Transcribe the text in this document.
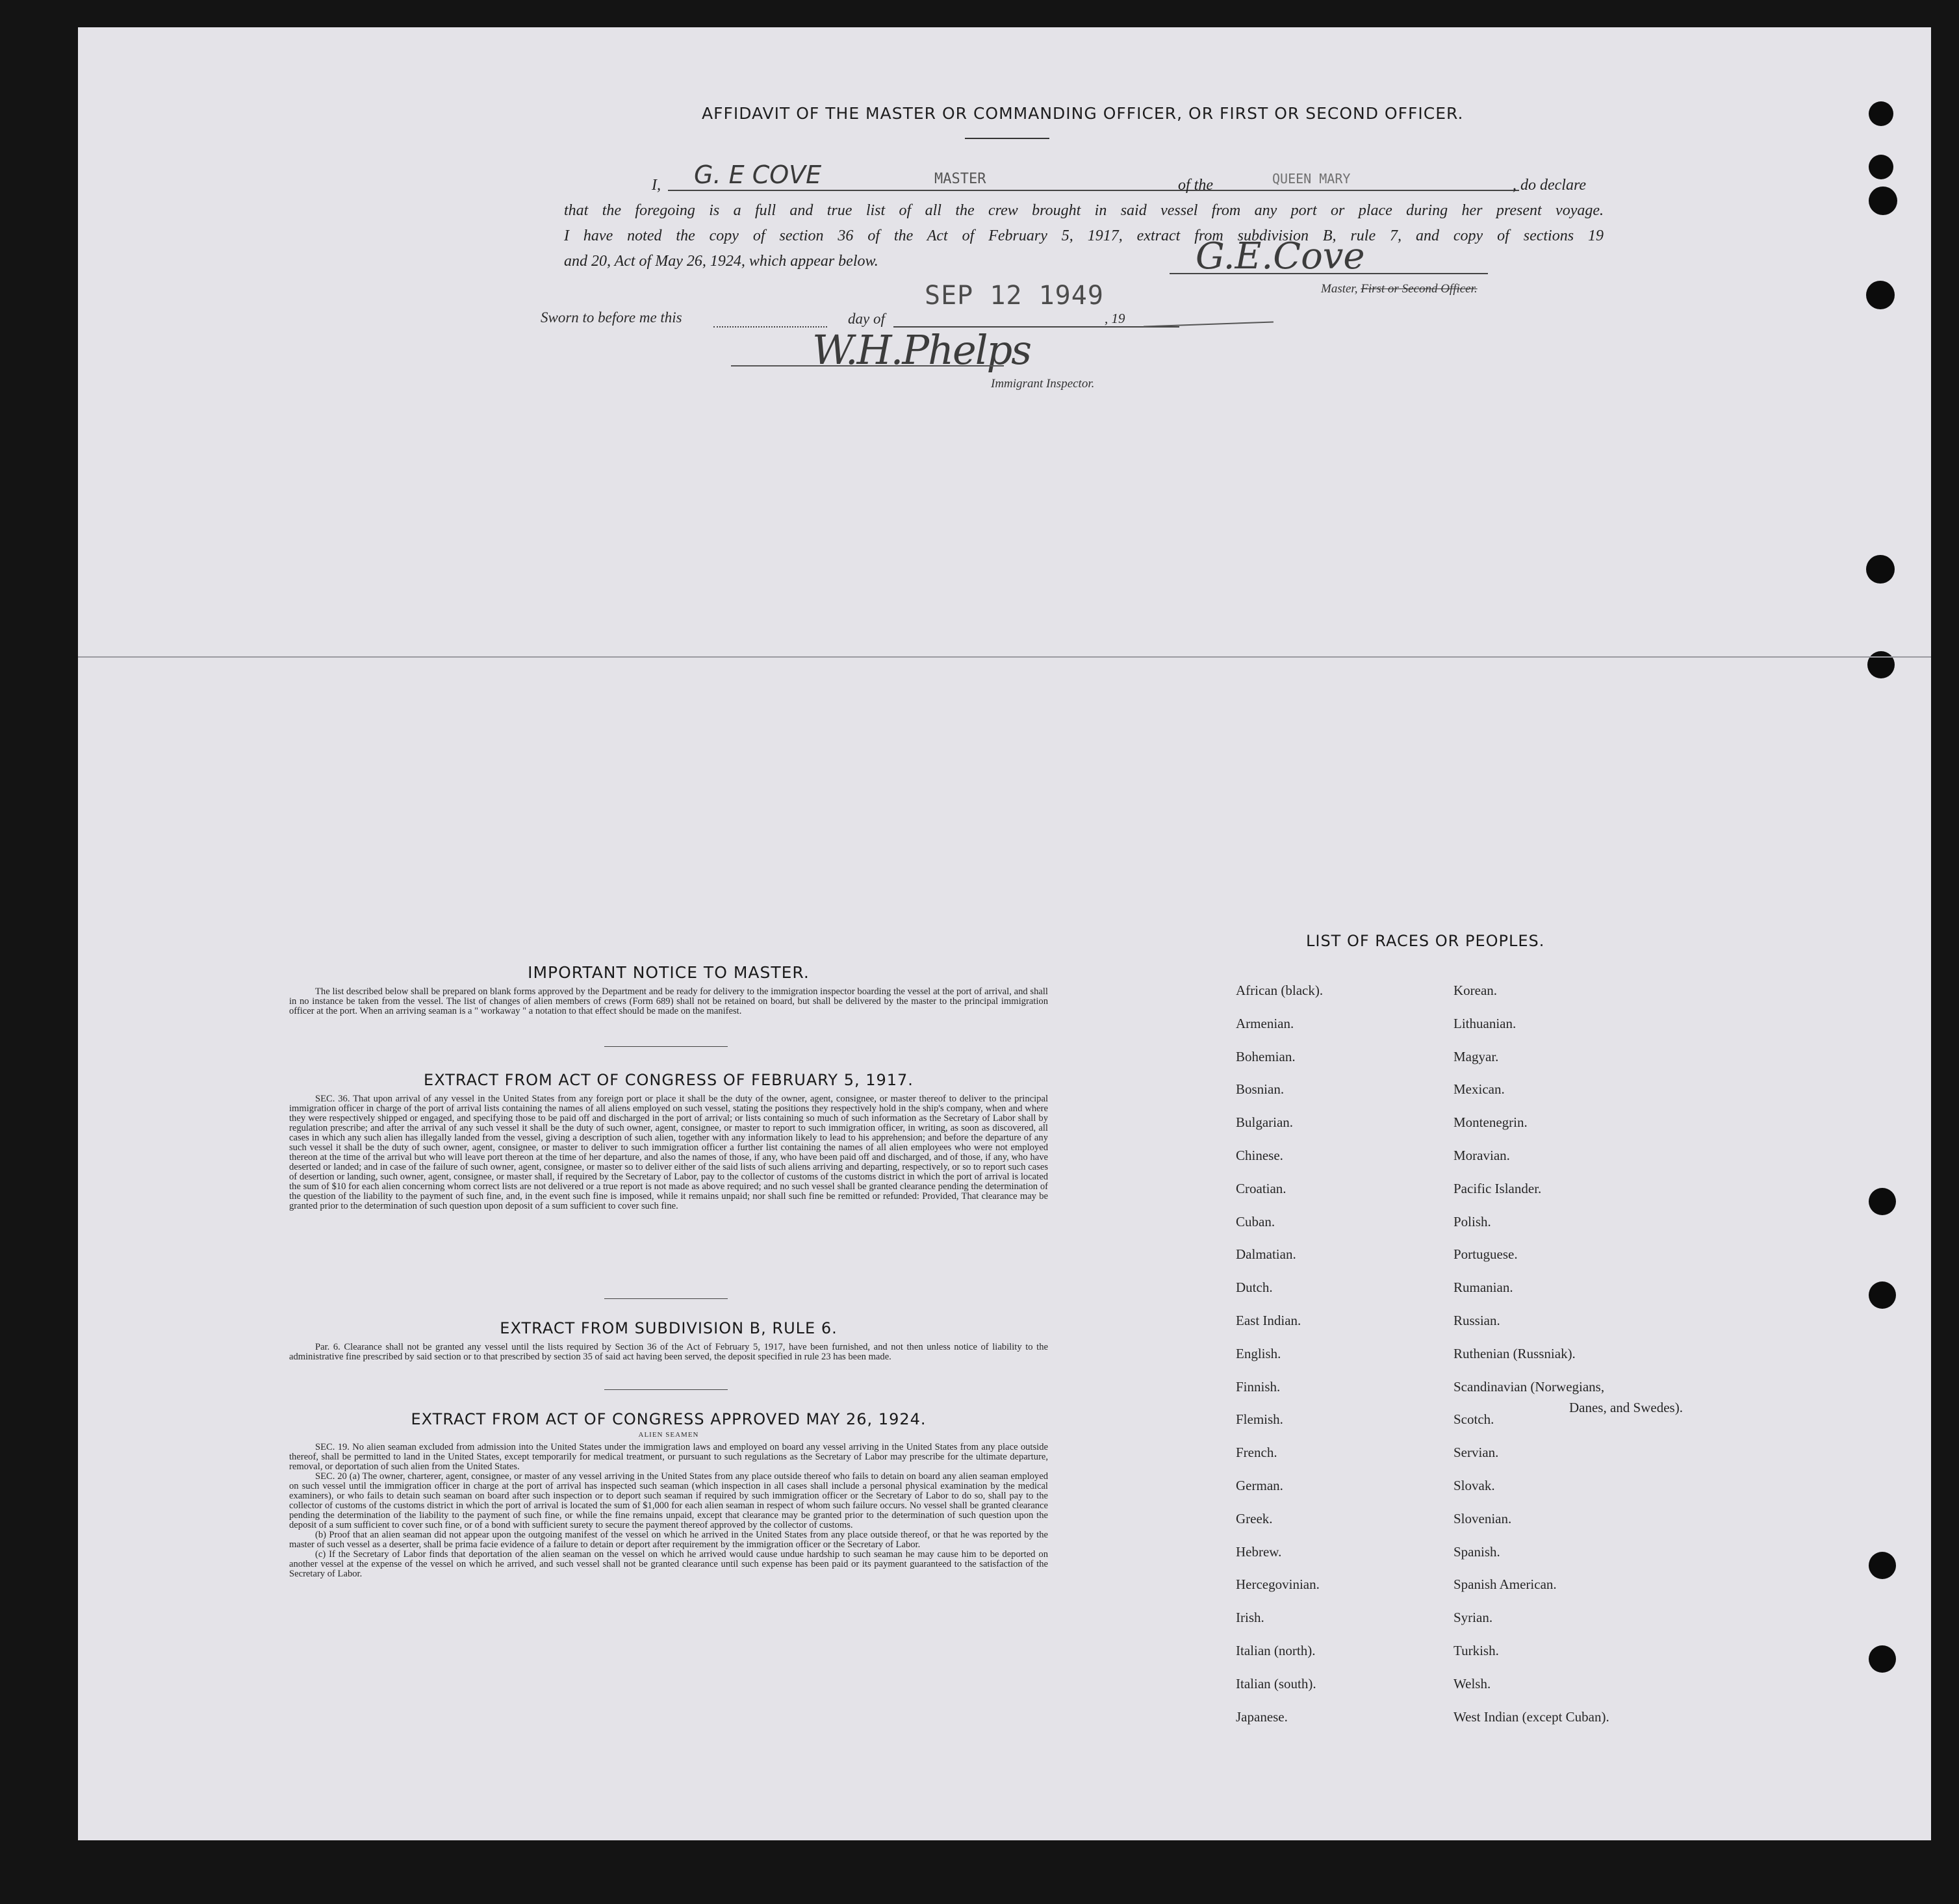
AFFIDAVIT OF THE MASTER OR COMMANDING OFFICER, OR FIRST OR SECOND OFFICER.
I, G. E COVE	MASTER	of the	QUEEN MARY	, do declare
that the foregoing is a full and true list of all the crew brought in said vessel from any port or place during her present voyage.
I have noted the copy of section 36 of the Act of February 5, 1917, extract from subdivision B, rule 7, and copy of sections 19
and 20, Act of May 26, 1924, which appear below.	G.E.Cove
Master, First or Second Officer.
Sworn to before me this	day of
SEP 12 1949
, 19
W.H.Phelps
Immigrant Inspector.
IMPORTANT NOTICE TO MASTER.

The list described below shall be prepared on blank forms approved by the Department and be ready for delivery to the immigration inspector boarding the vessel at the port of arrival, and shall in no instance be taken from the vessel. The list of changes of alien members of crews (Form 689) shall not be retained on board, but shall be delivered by the master to the principal immigration officer at the port. When an arriving seaman is a " workaway " a notation to that effect should be made on the manifest.

EXTRACT FROM ACT OF CONGRESS OF FEBRUARY 5, 1917.

SEC. 36. That upon arrival of any vessel in the United States from any foreign port or place it shall be the duty of the owner, agent, consignee, or master thereof to deliver to the principal immigration officer in charge of the port of arrival lists containing the names of all aliens employed on such vessel, stating the positions they respectively hold in the ship's company, when and where they were respectively shipped or engaged, and specifying those to be paid off and discharged in the port of arrival; or lists containing so much of such information as the Secretary of Labor shall by regulation prescribe; and after the arrival of any such vessel it shall be the duty of such owner, agent, consignee, or master to report to such immigration officer, in writing, as soon as discovered, all cases in which any such alien has illegally landed from the vessel, giving a description of such alien, together with any information likely to lead to his apprehension; and before the departure of any such vessel it shall be the duty of such owner, agent, consignee, or master to deliver to such immigration officer a further list containing the names of all alien employees who were not employed thereon at the time of the arrival but who will leave port thereon at the time of her departure, and also the names of those, if any, who have been paid off and discharged, and of those, if any, who have deserted or landed; and in case of the failure of such owner, agent, consignee, or master so to deliver either of the said lists of such aliens arriving and departing, respectively, or so to report such cases of desertion or landing, such owner, agent, consignee, or master shall, if required by the Secretary of Labor, pay to the collector of customs of the customs district in which the port of arrival is located the sum of $10 for each alien concerning whom correct lists are not delivered or a true report is not made as above required; and no such vessel shall be granted clearance pending the determination of the question of the liability to the payment of such fine, and, in the event such fine is imposed, while it remains unpaid; nor shall such fine be remitted or refunded: Provided, That clearance may be granted prior to the determination of such question upon deposit of a sum sufficient to cover such fine.

EXTRACT FROM SUBDIVISION B, RULE 6.

Par. 6. Clearance shall not be granted any vessel until the lists required by Section 36 of the Act of February 5, 1917, have been furnished, and not then unless notice of liability to the administrative fine prescribed by said section or to that prescribed by section 35 of said act having been served, the deposit specified in rule 23 has been made.

EXTRACT FROM ACT OF CONGRESS APPROVED MAY 26, 1924.
ALIEN SEAMEN

SEC. 19. No alien seaman excluded from admission into the United States under the immigration laws and employed on board any vessel arriving in the United States from any place outside thereof, shall be permitted to land in the United States, except temporarily for medical treatment, or pursuant to such regulations as the Secretary of Labor may prescribe for the ultimate departure, removal, or deportation of such alien from the United States.

SEC. 20 (a) The owner, charterer, agent, consignee, or master of any vessel arriving in the United States from any place outside thereof who fails to detain on board any alien seaman employed on such vessel until the immigration officer in charge at the port of arrival has inspected such seaman (which inspection in all cases shall include a personal physical examination by the medical examiners), or who fails to detain such seaman on board after such inspection or to deport such seaman if required by such immigration officer or the Secretary of Labor to do so, shall pay to the collector of customs of the customs district in which the port of arrival is located the sum of $1,000 for each alien seaman in respect of whom such failure occurs. No vessel shall be granted clearance pending the determination of the liability to the payment of such fine, or while the fine remains unpaid, except that clearance may be granted prior to the determination of such question upon the deposit of a sum sufficient to cover such fine, or of a bond with sufficient surety to secure the payment thereof approved by the collector of customs.

(b) Proof that an alien seaman did not appear upon the outgoing manifest of the vessel on which he arrived in the United States from any place outside thereof, or that he was reported by the master of such vessel as a deserter, shall be prima facie evidence of a failure to detain or deport after requirement by the immigration officer or the Secretary of Labor.

(c) If the Secretary of Labor finds that deportation of the alien seaman on the vessel on which he arrived would cause undue hardship to such seaman he may cause him to be deported on another vessel at the expense of the vessel on which he arrived, and such vessel shall not be granted clearance until such expense has been paid or its payment guaranteed to the satisfaction of the Secretary of Labor.

LIST OF RACES OR PEOPLES.
African (black).
Armenian.
Bohemian.
Bosnian.
Bulgarian.
Chinese.
Croatian.
Cuban.
Dalmatian.
Dutch.
East Indian.
English.
Finnish.
Flemish.
French.
German.
Greek.
Hebrew.
Hercegovinian.
Irish.
Italian (north).
Italian (south).
Japanese.
Korean.
Lithuanian.
Magyar.
Mexican.
Montenegrin.
Moravian.
Pacific Islander.
Polish.
Portuguese.
Rumanian.
Russian.
Ruthenian (Russniak).
Scandinavian (Norwegians,
Scotch.
Servian.
Slovak.
Slovenian.
Spanish.
Spanish American.
Syrian.
Turkish.
Welsh.
West Indian (except Cuban).
Danes, and Swedes).
